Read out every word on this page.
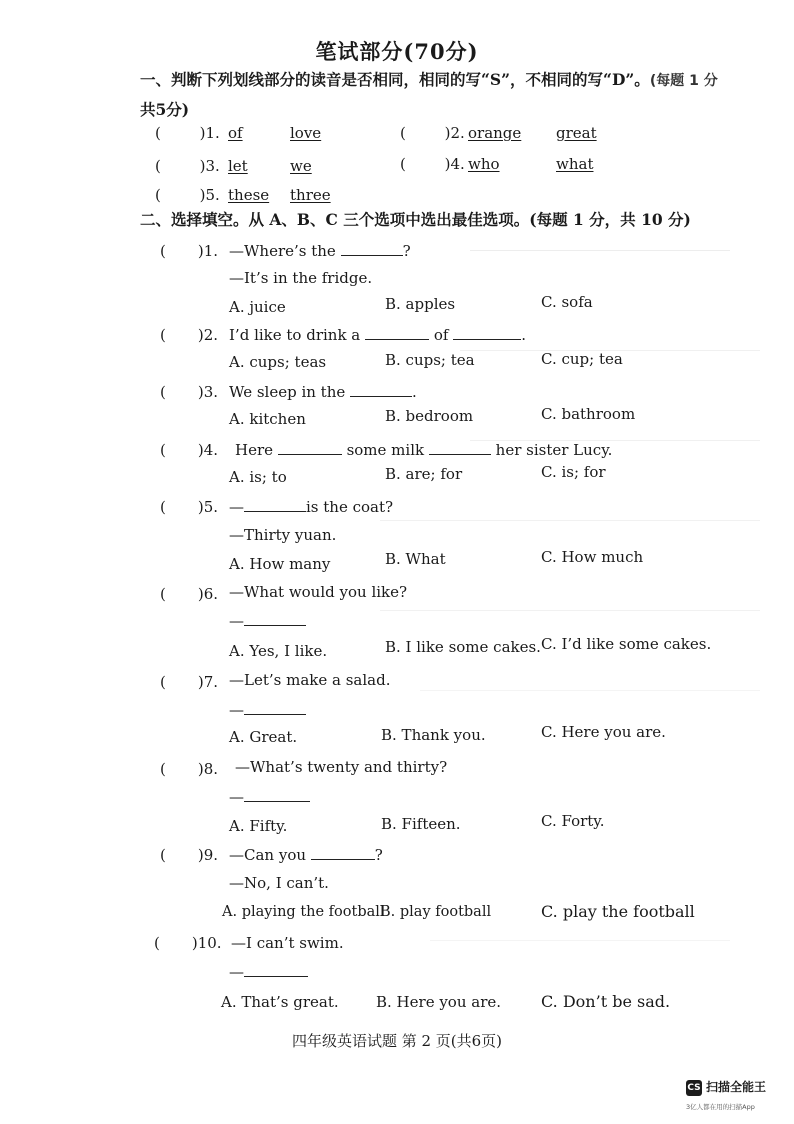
笔试部分(70分)
一、判断下列划线部分的读音是否相同，相同的写“S”，不相同的写“D”。(每题 1 分
共5分)
(	)1. of	love	(	)2. orange great
(	)3. let	we	(	)4. who	what
(	)5. these three
二、选择填空。从 A、B、C 三个选项中选出最佳选项。(每题 1 分，共 10 分)
( )1. —Where’s the	?
—It’s in the fridge.
A. juice	B. apples	C. sofa
( )2. I’d like to drink a	of	.
A. cups; teas	B. cups; tea	C. cup; tea
( )3. We sleep in the	.
A. kitchen	B. bedroom	C. bathroom
( )4. Here	some milk	her sister Lucy.
A. is; to	B. are; for	C. is; for
( )5. —	is the coat?
—Thirty yuan.
A. How many	B. What	C. How much
( )6. —What would you like?
—
A. Yes, I like.	B. I like some cakes. C. I’d like some cakes.
( )7. —Let’s make a salad.
—
A. Great.	B. Thank you.	C. Here you are.
( )8. —What’s twenty and thirty?
—
A. Fifty.	B. Fifteen.	C. Forty.
( )9. —Can you	?
—No, I can’t.
A. playing the football
B. play football	C. play the football
( )10. —I can’t swim.
—
A. That’s great. B. Here you are. C. Don’t be sad.
四年级英语试题 第 2 页(共6页)
CS 扫描全能王
3亿人都在用的扫描App
